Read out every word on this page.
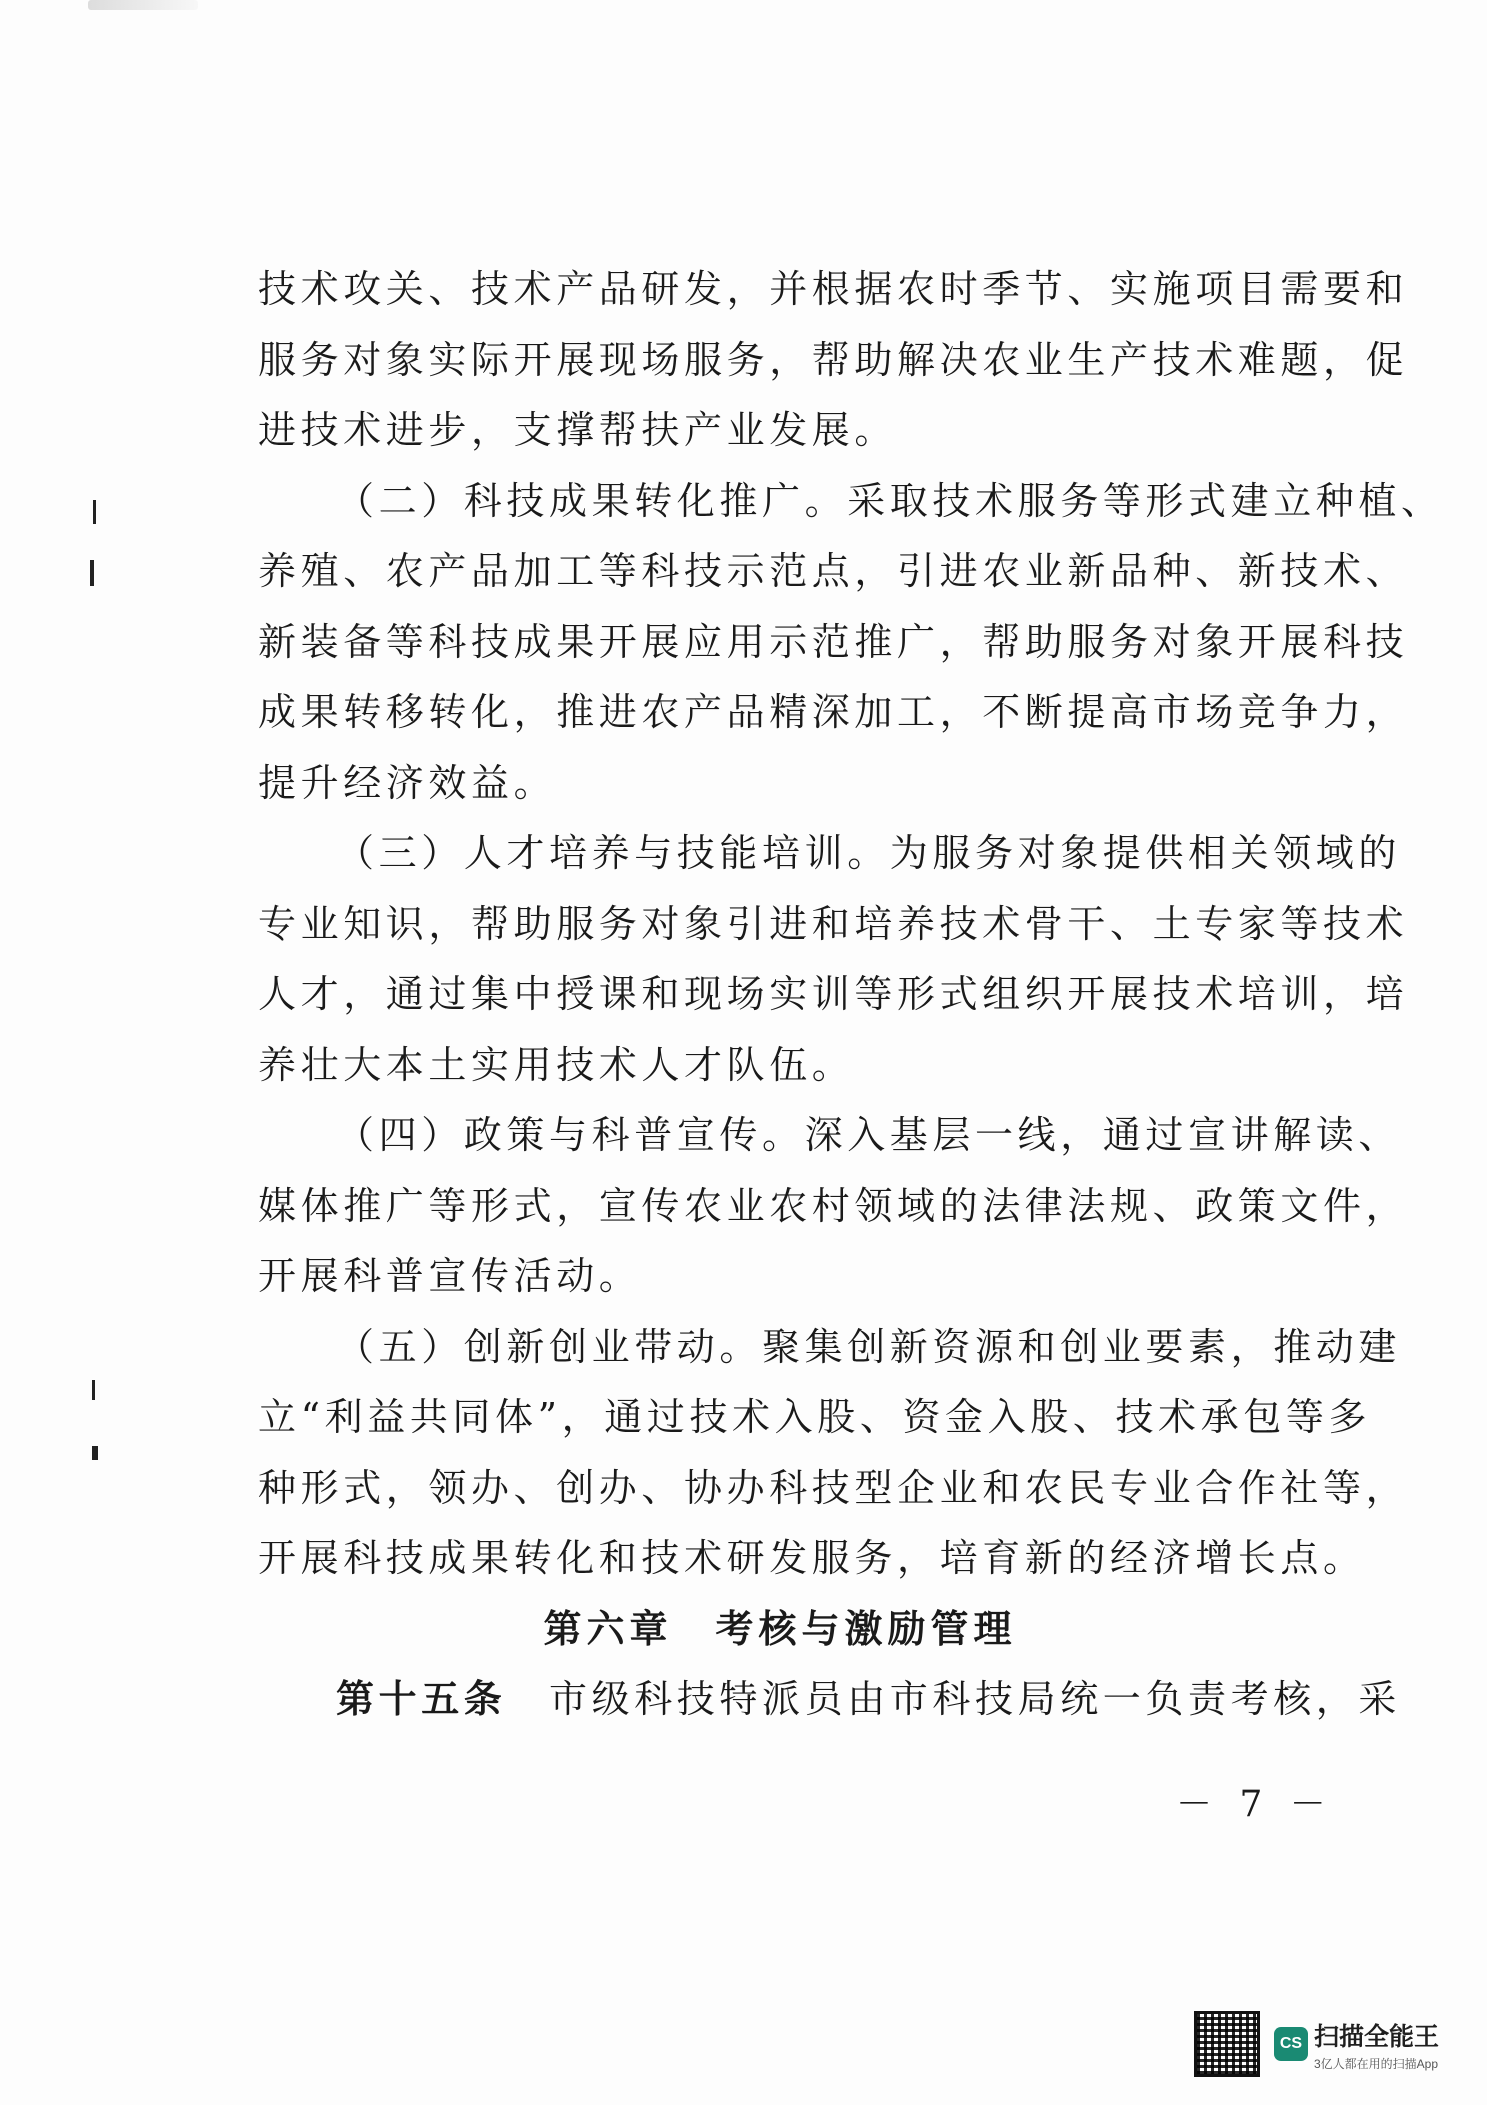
技术攻关、技术产品研发，并根据农时季节、实施项目需要和
服务对象实际开展现场服务，帮助解决农业生产技术难题，促
进技术进步，支撑帮扶产业发展。
（二）科技成果转化推广。采取技术服务等形式建立种植、
养殖、农产品加工等科技示范点，引进农业新品种、新技术、
新装备等科技成果开展应用示范推广，帮助服务对象开展科技
成果转移转化，推进农产品精深加工，不断提高市场竞争力，
提升经济效益。
（三）人才培养与技能培训。为服务对象提供相关领域的
专业知识，帮助服务对象引进和培养技术骨干、土专家等技术
人才，通过集中授课和现场实训等形式组织开展技术培训，培
养壮大本土实用技术人才队伍。
（四）政策与科普宣传。深入基层一线，通过宣讲解读、
媒体推广等形式，宣传农业农村领域的法律法规、政策文件，
开展科普宣传活动。
（五）创新创业带动。聚集创新资源和创业要素，推动建
立“利益共同体”，通过技术入股、资金入股、技术承包等多
种形式，领办、创办、协办科技型企业和农民专业合作社等，
开展科技成果转化和技术研发服务，培育新的经济增长点。
第六章　考核与激励管理
第十五条　市级科技特派员由市科技局统一负责考核，采
－ 7 －
CS 扫描全能王
3亿人都在用的扫描App
